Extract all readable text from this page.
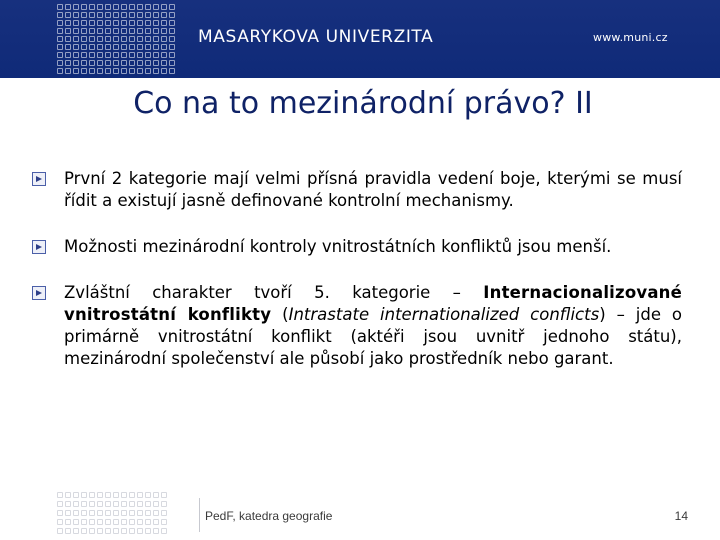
MASARYKOVA UNIVERZITA	www.muni.cz
Co na to mezinárodní právo? II
První 2 kategorie mají velmi přísná pravidla vedení boje, kterými se musí řídit a existují jasně definované kontrolní mechanismy.
Možnosti mezinárodní kontroly vnitrostátních konfliktů jsou menší.
Zvláštní charakter tvoří 5. kategorie – Internacionalizované vnitrostátní konflikty (Intrastate internationalized conflicts) – jde o primárně vnitrostátní konflikt (aktéři jsou uvnitř jednoho státu), mezinárodní společenství ale působí jako prostředník nebo garant.
PedF, katedra geografie	14
